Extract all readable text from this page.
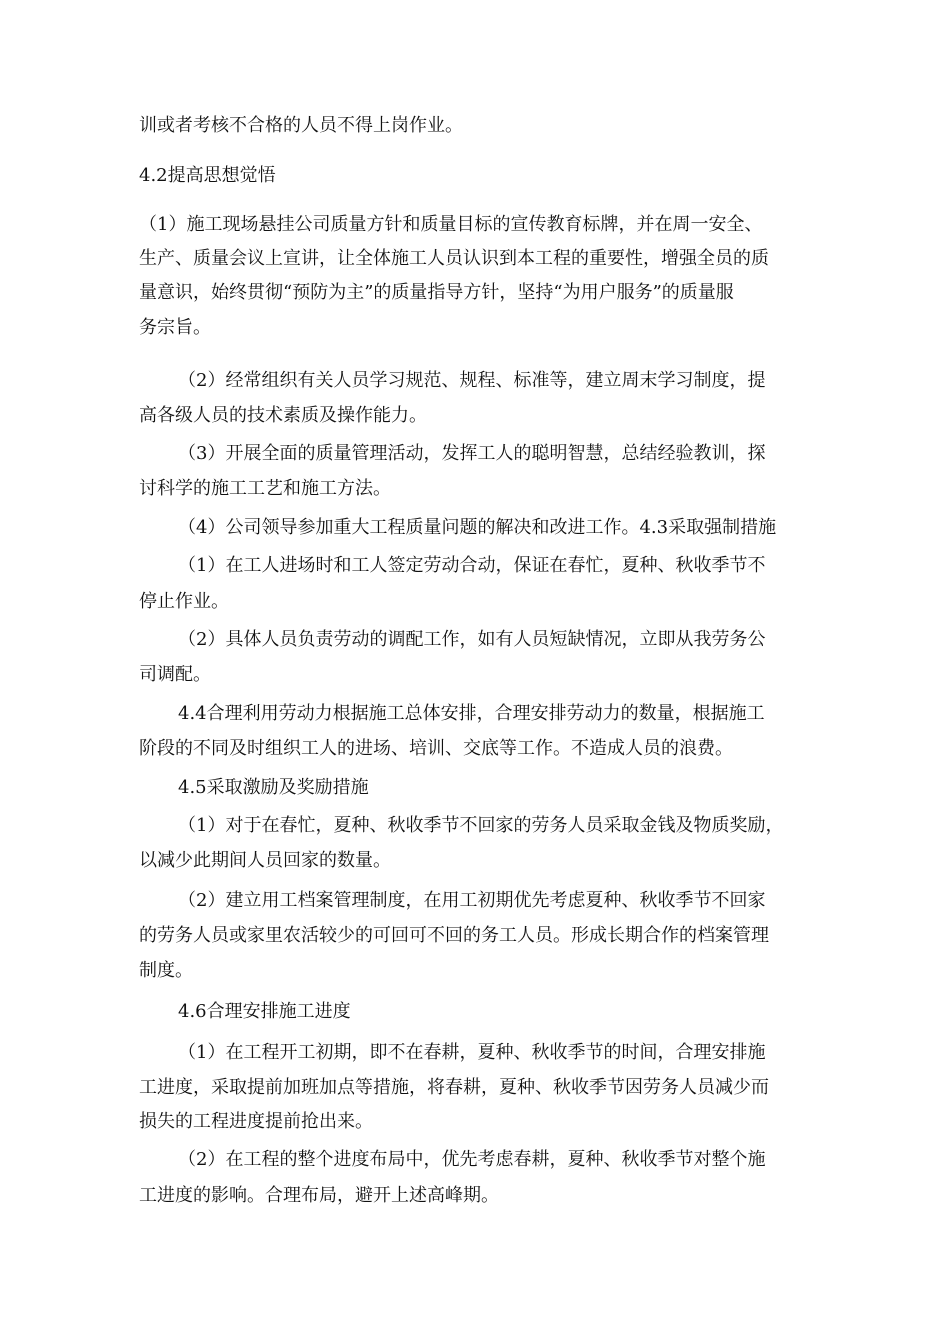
训或者考核不合格的人员不得上岗作业。
4.2提高思想觉悟
（1）施工现场悬挂公司质量方针和质量目标的宣传教育标牌，并在周一安全、
生产、质量会议上宣讲，让全体施工人员认识到本工程的重要性，增强全员的质
量意识，始终贯彻“预防为主”的质量指导方针，坚持“为用户服务”的质量服
务宗旨。
（2）经常组织有关人员学习规范、规程、标准等，建立周末学习制度，提
高各级人员的技术素质及操作能力。
（3）开展全面的质量管理活动，发挥工人的聪明智慧，总结经验教训，探
讨科学的施工工艺和施工方法。
（4）公司领导参加重大工程质量问题的解决和改进工作。4.3采取强制措施
（1）在工人进场时和工人签定劳动合动，保证在春忙，夏种、秋收季节不
停止作业。
（2）具体人员负责劳动的调配工作，如有人员短缺情况，立即从我劳务公
司调配。
4.4合理利用劳动力根据施工总体安排，合理安排劳动力的数量，根据施工
阶段的不同及时组织工人的进场、培训、交底等工作。不造成人员的浪费。
4.5采取激励及奖励措施
（1）对于在春忙，夏种、秋收季节不回家的劳务人员采取金钱及物质奖励，
以减少此期间人员回家的数量。
（2）建立用工档案管理制度，在用工初期优先考虑夏种、秋收季节不回家
的劳务人员或家里农活较少的可回可不回的务工人员。形成长期合作的档案管理
制度。
4.6合理安排施工进度
（1）在工程开工初期，即不在春耕，夏种、秋收季节的时间，合理安排施
工进度，采取提前加班加点等措施，将春耕，夏种、秋收季节因劳务人员减少而
损失的工程进度提前抢出来。
（2）在工程的整个进度布局中，优先考虑春耕，夏种、秋收季节对整个施
工进度的影响。合理布局，避开上述高峰期。
